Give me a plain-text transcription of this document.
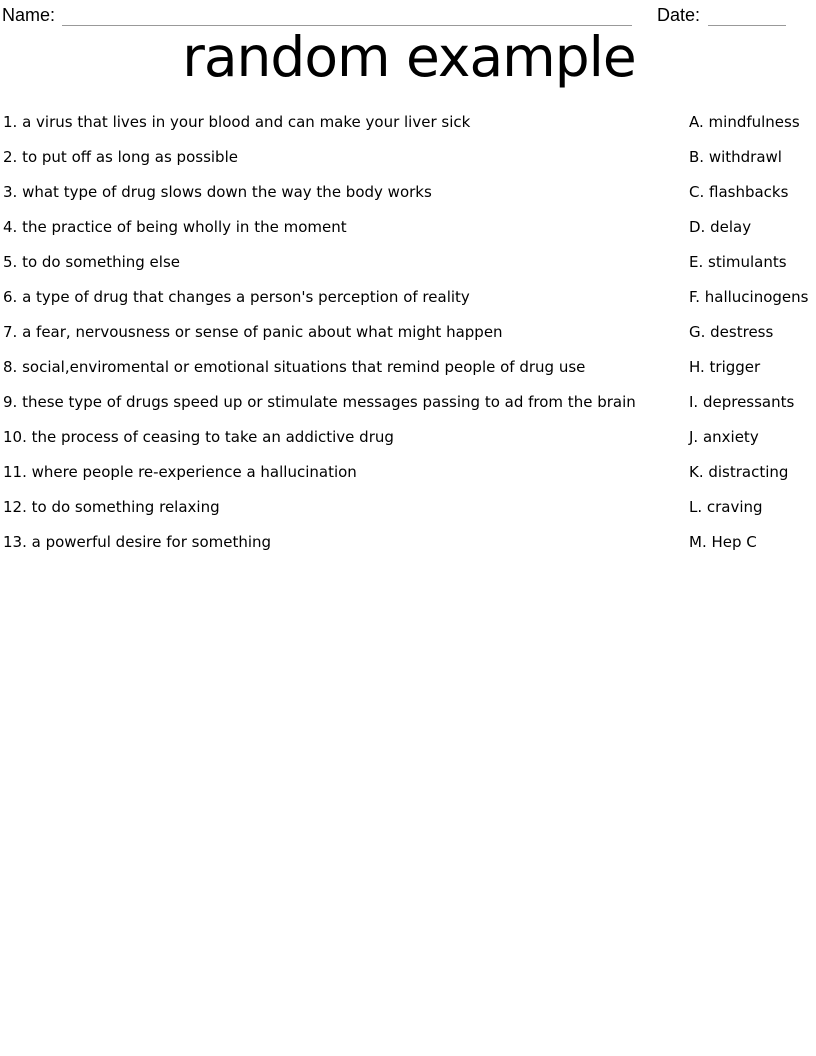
Name:	Date:
random example
1. a virus that lives in your blood and can make your liver sick	A. mindfulness
2. to put off as long as possible	B. withdrawl
3. what type of drug slows down the way the body works	C. flashbacks
4. the practice of being wholly in the moment	D. delay
5. to do something else	E. stimulants
6. a type of drug that changes a person's perception of reality	F. hallucinogens
7. a fear, nervousness or sense of panic about what might happen	G. destress
8. social,enviromental or emotional situations that remind people of drug use	H. trigger
9. these type of drugs speed up or stimulate messages passing to ad from the brain	I. depressants
10. the process of ceasing to take an addictive drug	J. anxiety
11. where people re-experience a hallucination	K. distracting
12. to do something relaxing	L. craving
13. a powerful desire for something	M. Hep C
